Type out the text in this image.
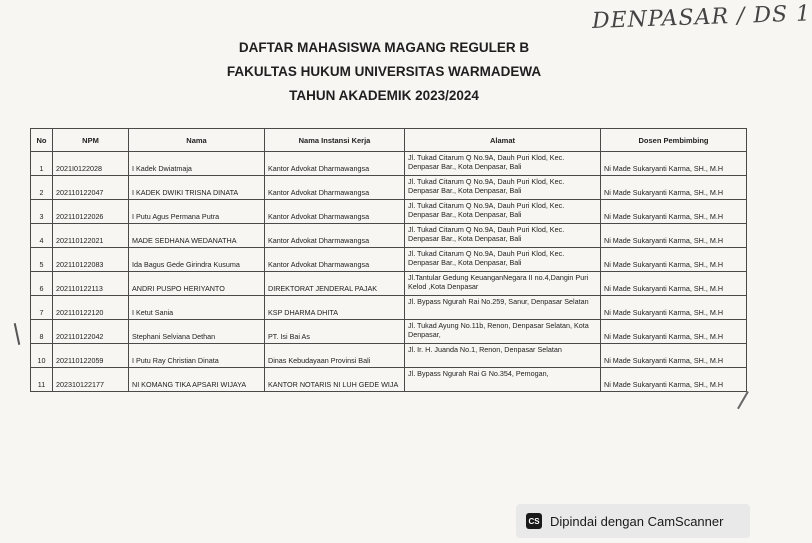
DENPASAR / DS 1
DAFTAR MAHASISWA MAGANG REGULER B
FAKULTAS HUKUM UNIVERSITAS WARMADEWA
TAHUN AKADEMIK 2023/2024
No	NPM	Nama	Nama Instansi Kerja	Alamat	Dosen Pembimbing
1	2021I0122028	I Kadek Dwiatmaja	Kantor Advokat Dharmawangsa	Jl. Tukad Citarum Q No.9A, Dauh Puri Klod, Kec. Denpasar Bar., Kota Denpasar, Bali	Ni Made Sukaryanti Karma, SH., M.H
2	202110122047	I KADEK DWIKI TRISNA DINATA	Kantor Advokat Dharmawangsa	Jl. Tukad Citarum Q No.9A, Dauh Puri Klod, Kec. Denpasar Bar., Kota Denpasar, Bali	Ni Made Sukaryanti Karma, SH., M.H
3	202110122026	I Putu Agus Permana Putra	Kantor Advokat Dharmawangsa	Jl. Tukad Citarum Q No.9A, Dauh Puri Klod, Kec. Denpasar Bar., Kota Denpasar, Bali	Ni Made Sukaryanti Karma, SH., M.H
4	202110122021	MADE SEDHANA WEDANATHA	Kantor Advokat Dharmawangsa	Jl. Tukad Citarum Q No.9A, Dauh Puri Klod, Kec. Denpasar Bar., Kota Denpasar, Bali	Ni Made Sukaryanti Karma, SH., M.H
5	202110122083	Ida Bagus Gede Girindra Kusuma	Kantor Advokat Dharmawangsa	Jl. Tukad Citarum Q No.9A, Dauh Puri Klod, Kec. Denpasar Bar., Kota Denpasar, Bali	Ni Made Sukaryanti Karma, SH., M.H
6	202110122113	ANDRI PUSPO HERIYANTO	DIREKTORAT JENDERAL PAJAK	Jl.Tantular Gedung KeuanganNegara II no.4,Dangin Puri Kelod ,Kota Denpasar	Ni Made Sukaryanti Karma, SH., M.H
7	202110122120	I Ketut Sania	KSP DHARMA DHITA	Jl. Bypass Ngurah Rai No.259, Sanur, Denpasar Selatan	Ni Made Sukaryanti Karma, SH., M.H
8	202110122042	Stephani Selviana Dethan	PT. Isi Bai As	Jl. Tukad Ayung No.11b, Renon, Denpasar Selatan, Kota Denpasar,	Ni Made Sukaryanti Karma, SH., M.H
10	202110122059	I Putu Ray Christian Dinata	Dinas Kebudayaan Provinsi Bali	Jl. Ir. H. Juanda No.1, Renon, Denpasar Selatan	Ni Made Sukaryanti Karma, SH., M.H
11	202310122177	NI KOMANG TIKA APSARI WIJAYA	KANTOR NOTARIS NI LUH GEDE WIJA	Jl. Bypass Ngurah Rai G No.354, Pemogan,	Ni Made Sukaryanti Karma, SH., M.H
CS Dipindai dengan CamScanner
